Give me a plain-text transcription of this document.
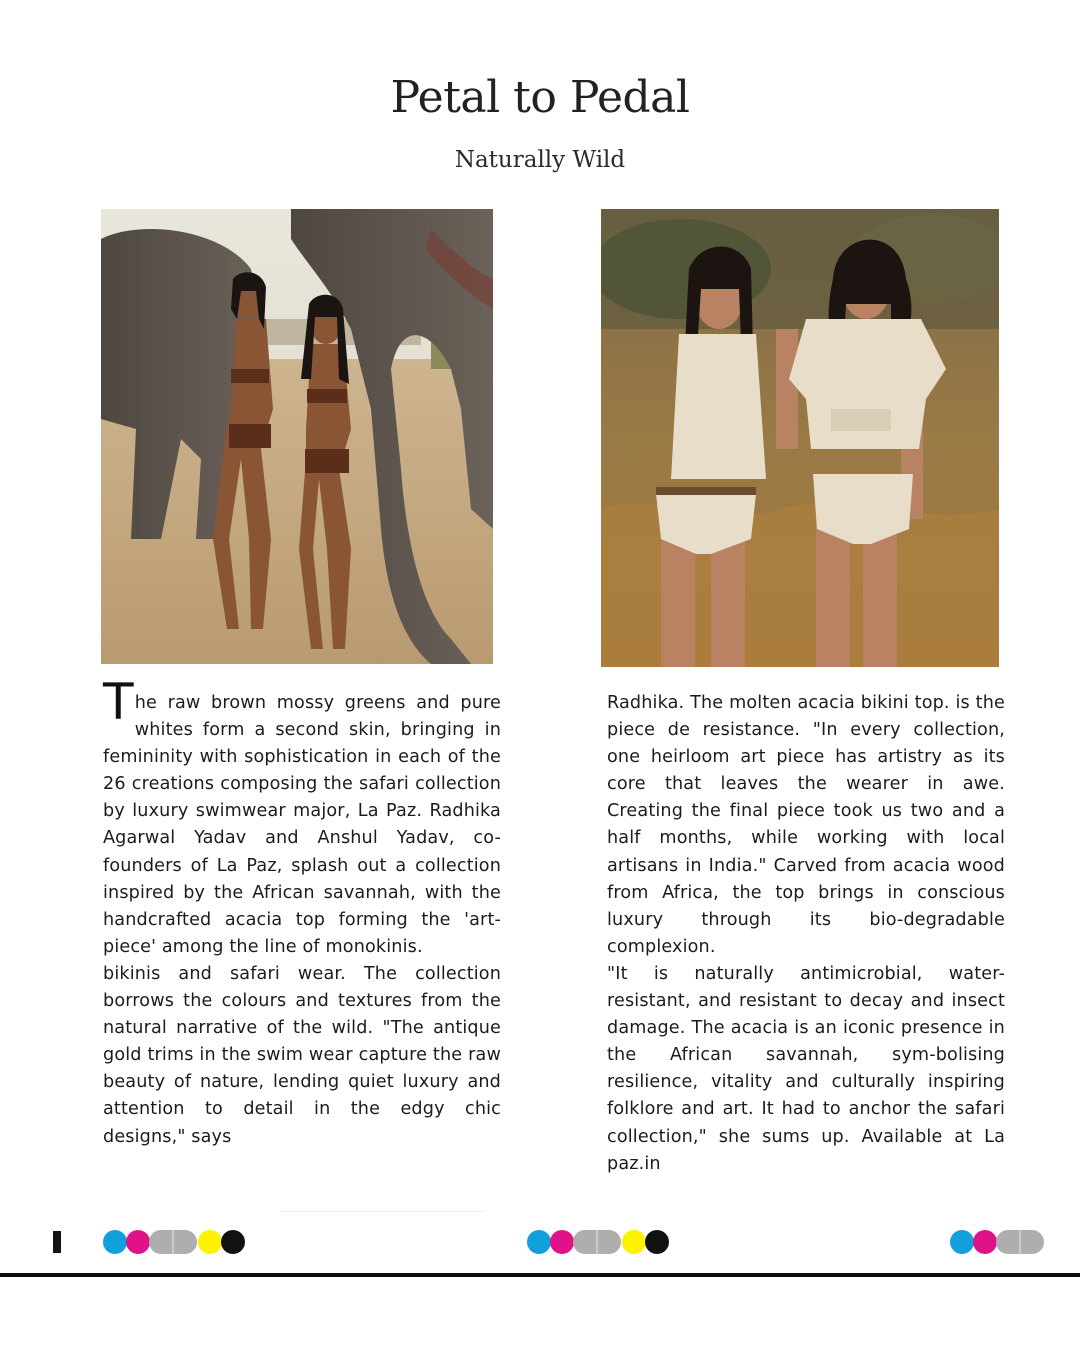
Petal to Pedal
Naturally Wild

The raw brown mossy greens and pure whites form a second skin, bringing in femininity with sophistication in each of the 26 creations composing the safari collection by luxury swimwear major, La Paz. Radhika Agarwal Yadav and Anshul Yadav, co-founders of La Paz, splash out a collection inspired by the African savannah, with the handcrafted acacia top forming the 'art-piece' among the line of monokinis.

bikinis and safari wear. The collection borrows the colours and textures from the natural narrative of the wild. "The antique gold trims in the swim wear capture the raw beauty of nature, lending quiet luxury and attention to detail in the edgy chic designs," says

Radhika. The molten acacia bikini top. is the piece de resistance. "In every collection, one heirloom art piece has artistry as its core that leaves the wearer in awe. Creating the final piece took us two and a half months, while working with local artisans in India." Carved from acacia wood from Africa, the top brings in conscious luxury through its bio-degradable complexion.

"It is naturally antimicrobial, water-resistant, and resistant to decay and insect damage. The acacia is an iconic presence in the African savannah, sym-bolising resilience, vitality and culturally inspiring folklore and art. It had to anchor the safari collection," she sums up. Available at La paz.in
